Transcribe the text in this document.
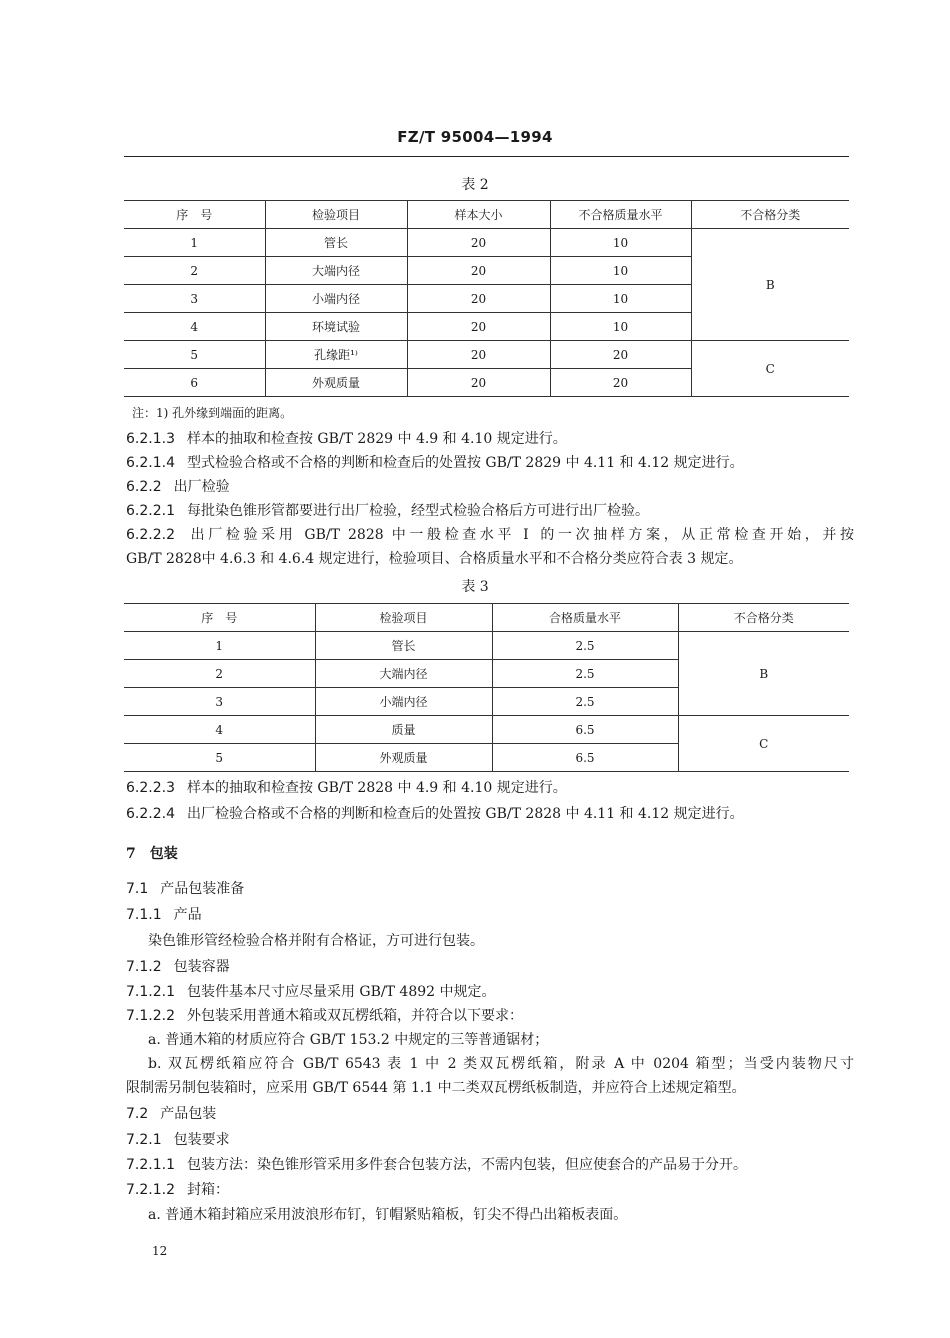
FZ/T 95004—1994
表 2
序　号	检验项目	样本大小	不合格质量水平	不合格分类
1	管长	20	10	B
2	大端内径	20	10	
3	小端内径	20	10	
4	环境试验	20	10	
5	孔缘距¹⁾	20	20	C
6	外观质量	20	20	
注：1) 孔外缘到端面的距离。
6.2.1.3 样本的抽取和检查按 GB/T 2829 中 4.9 和 4.10 规定进行。
6.2.1.4 型式检验合格或不合格的判断和检查后的处置按 GB/T 2829 中 4.11 和 4.12 规定进行。
6.2.2 出厂检验
6.2.2.1 每批染色锥形管都要进行出厂检验，经型式检验合格后方可进行出厂检验。
6.2.2.2 出厂检验采用 GB/T 2828 中一般检查水平 Ⅰ 的一次抽样方案，从正常检查开始，并按
GB/T 2828中 4.6.3 和 4.6.4 规定进行，检验项目、合格质量水平和不合格分类应符合表 3 规定。
表 3
序　号	检验项目	合格质量水平	不合格分类
1	管长	2.5	B
2	大端内径	2.5	
3	小端内径	2.5	
4	质量	6.5	C
5	外观质量	6.5	
6.2.2.3 样本的抽取和检查按 GB/T 2828 中 4.9 和 4.10 规定进行。
6.2.2.4 出厂检验合格或不合格的判断和检查后的处置按 GB/T 2828 中 4.11 和 4.12 规定进行。
7　包装
7.1 产品包装准备
7.1.1 产品
染色锥形管经检验合格并附有合格证，方可进行包装。
7.1.2 包装容器
7.1.2.1 包装件基本尺寸应尽量采用 GB/T 4892 中规定。
7.1.2.2 外包装采用普通木箱或双瓦楞纸箱，并符合以下要求：
a. 普通木箱的材质应符合 GB/T 153.2 中规定的三等普通锯材；
b. 双瓦楞纸箱应符合 GB/T 6543 表 1 中 2 类双瓦楞纸箱，附录 A 中 0204 箱型；当受内装物尺寸
限制需另制包装箱时，应采用 GB/T 6544 第 1.1 中二类双瓦楞纸板制造，并应符合上述规定箱型。
7.2 产品包装
7.2.1 包装要求
7.2.1.1 包装方法：染色锥形管采用多件套合包装方法，不需内包装，但应使套合的产品易于分开。
7.2.1.2 封箱：
a. 普通木箱封箱应采用波浪形布钉，钉帽紧贴箱板，钉尖不得凸出箱板表面。
12
